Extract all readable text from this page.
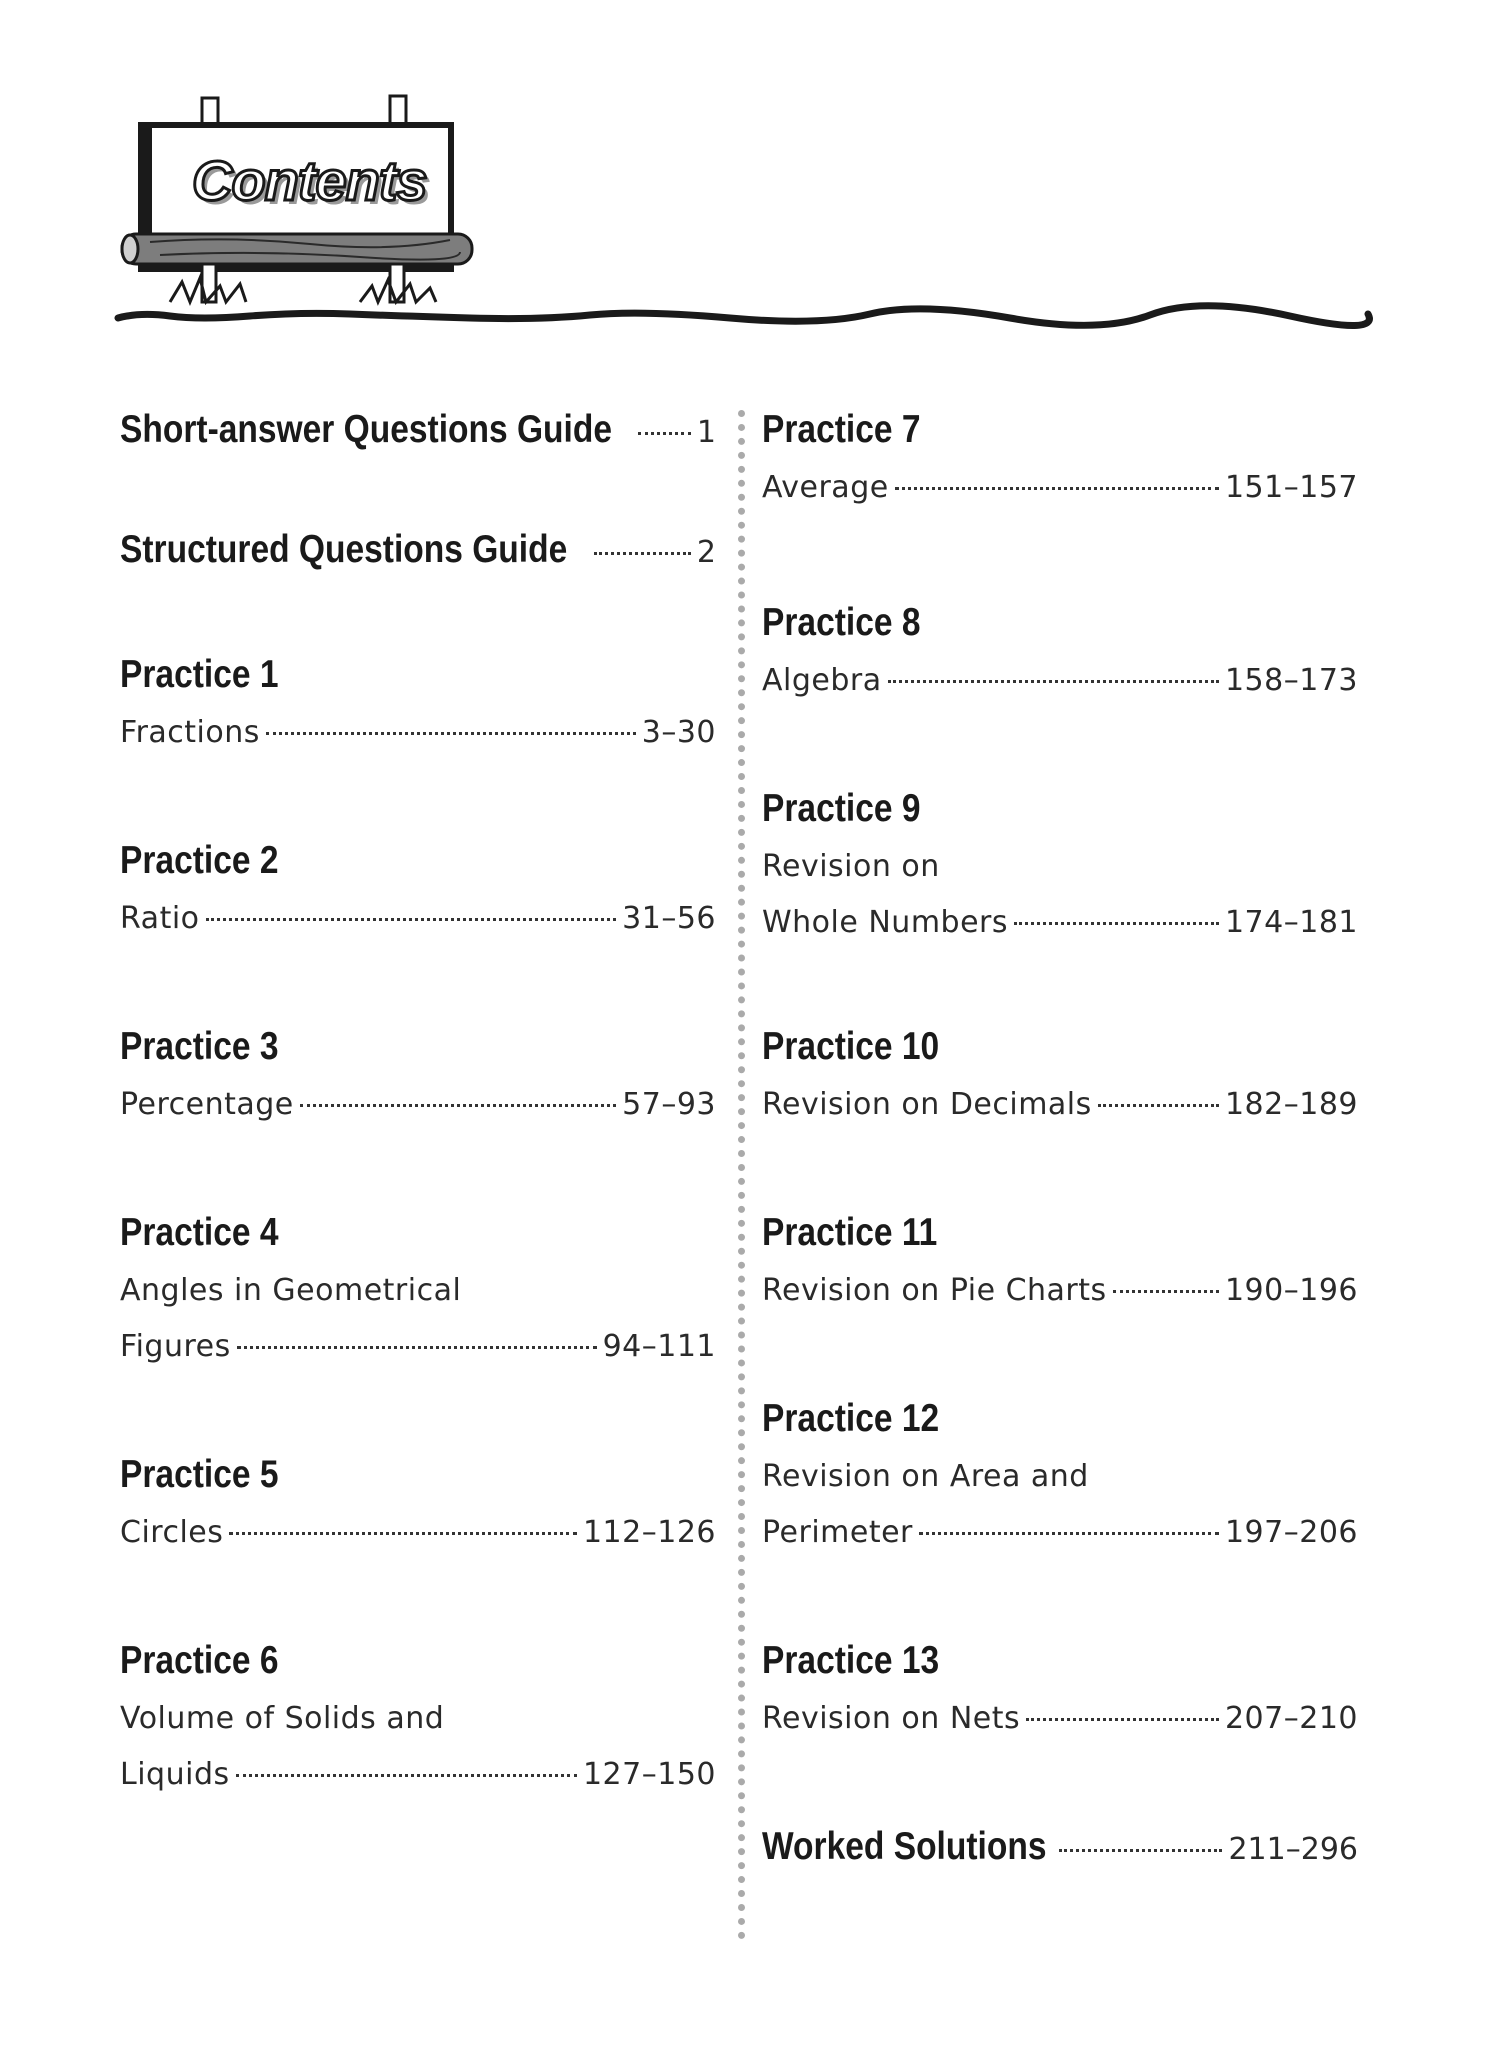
Contents
Short-answer Questions Guide	1
Structured Questions Guide	2
Practice 1
Fractions	3–30
Practice 2
Ratio	31–56
Practice 3
Percentage	57–93
Practice 4
Angles in Geometrical
Figures	94–111
Practice 5
Circles	112–126
Practice 6
Volume of Solids and
Liquids	127–150
Practice 7
Average	151–157
Practice 8
Algebra	158–173
Practice 9
Revision on
Whole Numbers	174–181
Practice 10
Revision on Decimals	182–189
Practice 11
Revision on Pie Charts	190–196
Practice 12
Revision on Area and
Perimeter	197–206
Practice 13
Revision on Nets	207–210
Worked Solutions	211–296
